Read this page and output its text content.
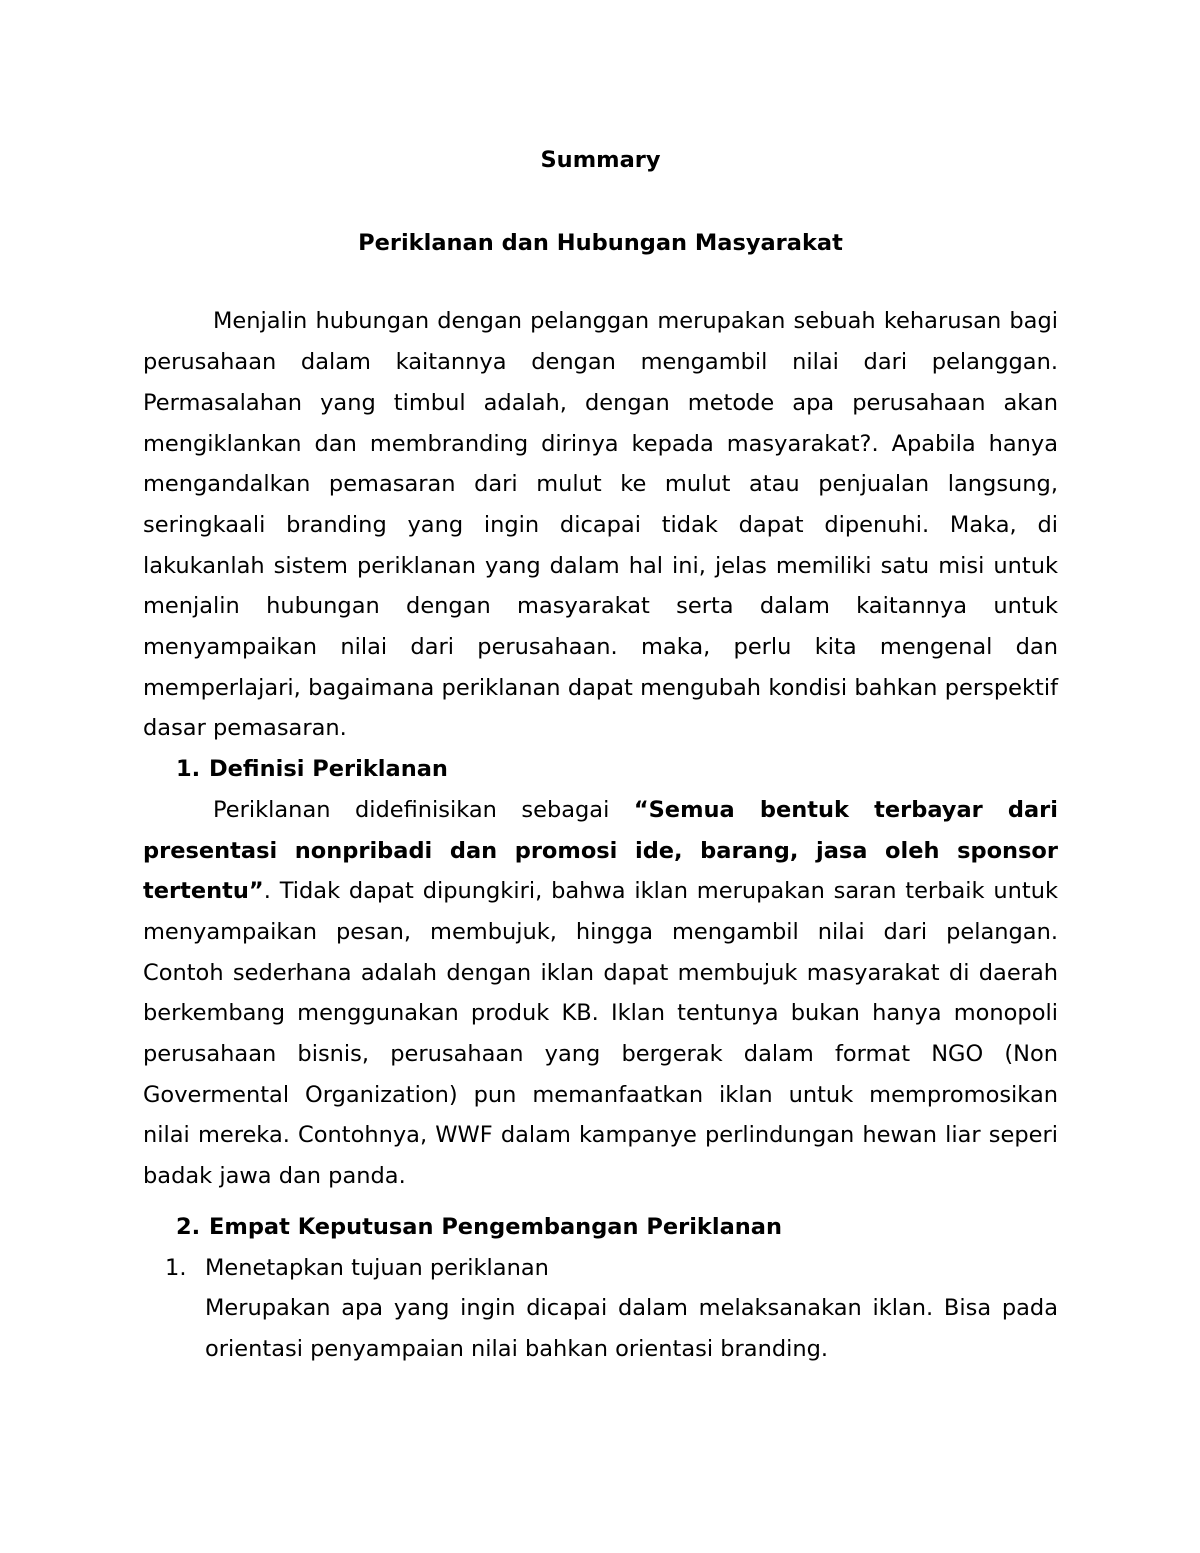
Summary

Periklanan dan Hubungan Masyarakat

Menjalin hubungan dengan pelanggan merupakan sebuah keharusan bagi perusahaan dalam kaitannya dengan mengambil nilai dari pelanggan. Permasalahan yang timbul adalah, dengan metode apa perusahaan akan mengiklankan dan membranding dirinya kepada masyarakat?. Apabila hanya mengandalkan pemasaran dari mulut ke mulut atau penjualan langsung, seringkaali branding yang ingin dicapai tidak dapat dipenuhi. Maka, di lakukanlah sistem periklanan yang dalam hal ini, jelas memiliki satu misi untuk menjalin hubungan dengan masyarakat serta dalam kaitannya untuk menyampaikan nilai dari perusahaan. maka, perlu kita mengenal dan memperlajari, bagaimana periklanan dapat mengubah kondisi bahkan perspektif dasar pemasaran.

1. Definisi Periklanan

Periklanan didefinisikan sebagai “Semua bentuk terbayar dari presentasi nonpribadi dan promosi ide, barang, jasa oleh sponsor tertentu”. Tidak dapat dipungkiri, bahwa iklan merupakan saran terbaik untuk menyampaikan pesan, membujuk, hingga mengambil nilai dari pelangan. Contoh sederhana adalah dengan iklan dapat membujuk masyarakat di daerah berkembang menggunakan produk KB. Iklan tentunya bukan hanya monopoli perusahaan bisnis, perusahaan yang bergerak dalam format NGO (Non Govermental Organization) pun memanfaatkan iklan untuk mempromosikan nilai mereka. Contohnya, WWF dalam kampanye perlindungan hewan liar seperi badak jawa dan panda.

2. Empat Keputusan Pengembangan Periklanan

1. Menetapkan tujuan periklanan

Merupakan apa yang ingin dicapai dalam melaksanakan iklan. Bisa pada orientasi penyampaian nilai bahkan orientasi branding.
